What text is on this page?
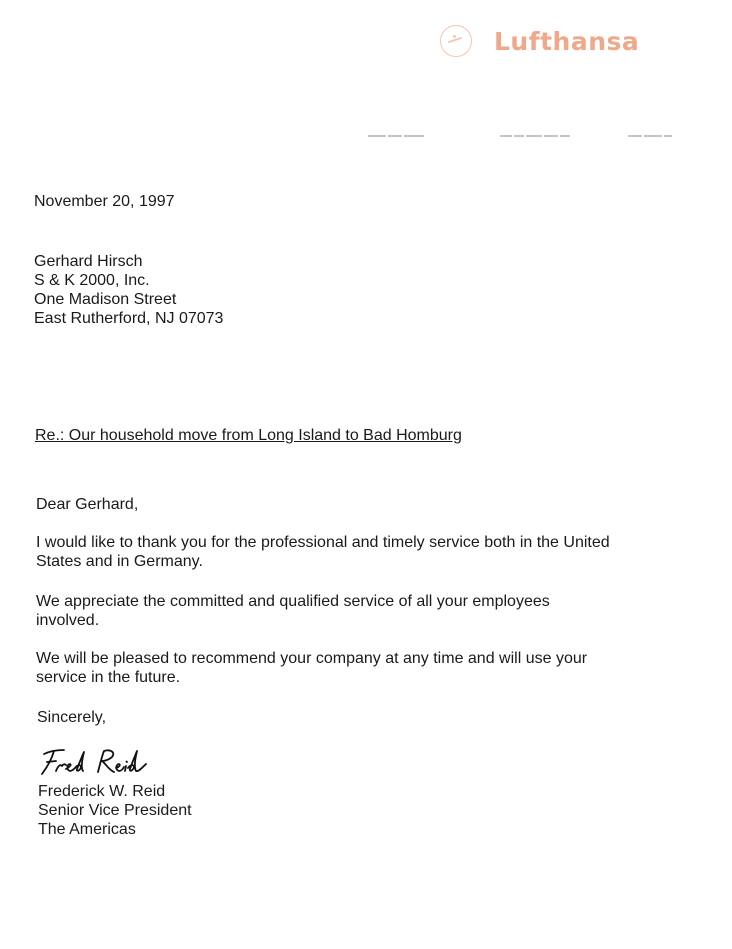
Lufthansa
November 20, 1997
Gerhard Hirsch
S & K 2000, Inc.
One Madison Street
East Rutherford, NJ 07073
Re.: Our household move from Long Island to Bad Homburg
Dear Gerhard,
I would like to thank you for the professional and timely service both in the United
States and in Germany.
We appreciate the committed and qualified service of all your employees
involved.
We will be pleased to recommend your company at any time and will use your
service in the future.
Sincerely,
Frederick W. Reid
Senior Vice President
The Americas
